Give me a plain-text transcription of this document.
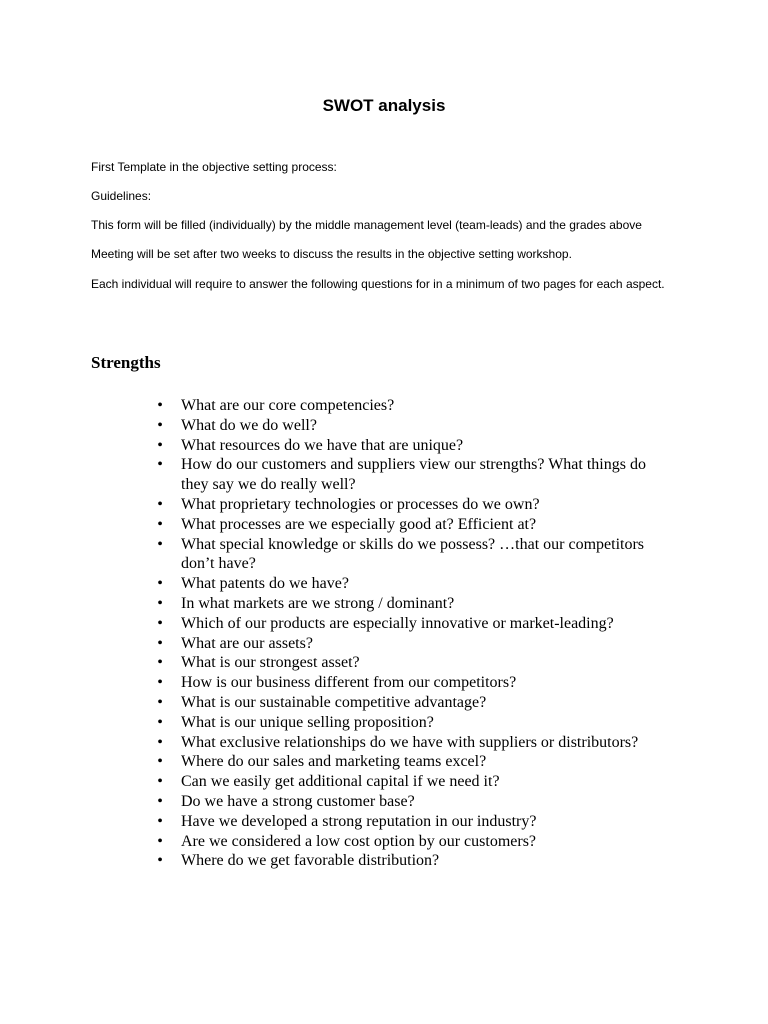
SWOT analysis

First Template in the objective setting process:

Guidelines:

This form will be filled (individually) by the middle management level (team-leads) and the grades above

Meeting will be set after two weeks to discuss the results in the objective setting workshop.

Each individual will require to answer the following questions for in a minimum of two pages for each aspect.

Strengths
• What are our core competencies?
• What do we do well?
• What resources do we have that are unique?
• How do our customers and suppliers view our strengths? What things do they say we do really well?
• What proprietary technologies or processes do we own?
• What processes are we especially good at? Efficient at?
• What special knowledge or skills do we possess? …that our competitors don’t have?
• What patents do we have?
• In what markets are we strong / dominant?
• Which of our products are especially innovative or market-leading?
• What are our assets?
• What is our strongest asset?
• How is our business different from our competitors?
• What is our sustainable competitive advantage?
• What is our unique selling proposition?
• What exclusive relationships do we have with suppliers or distributors?
• Where do our sales and marketing teams excel?
• Can we easily get additional capital if we need it?
• Do we have a strong customer base?
• Have we developed a strong reputation in our industry?
• Are we considered a low cost option by our customers?
• Where do we get favorable distribution?
